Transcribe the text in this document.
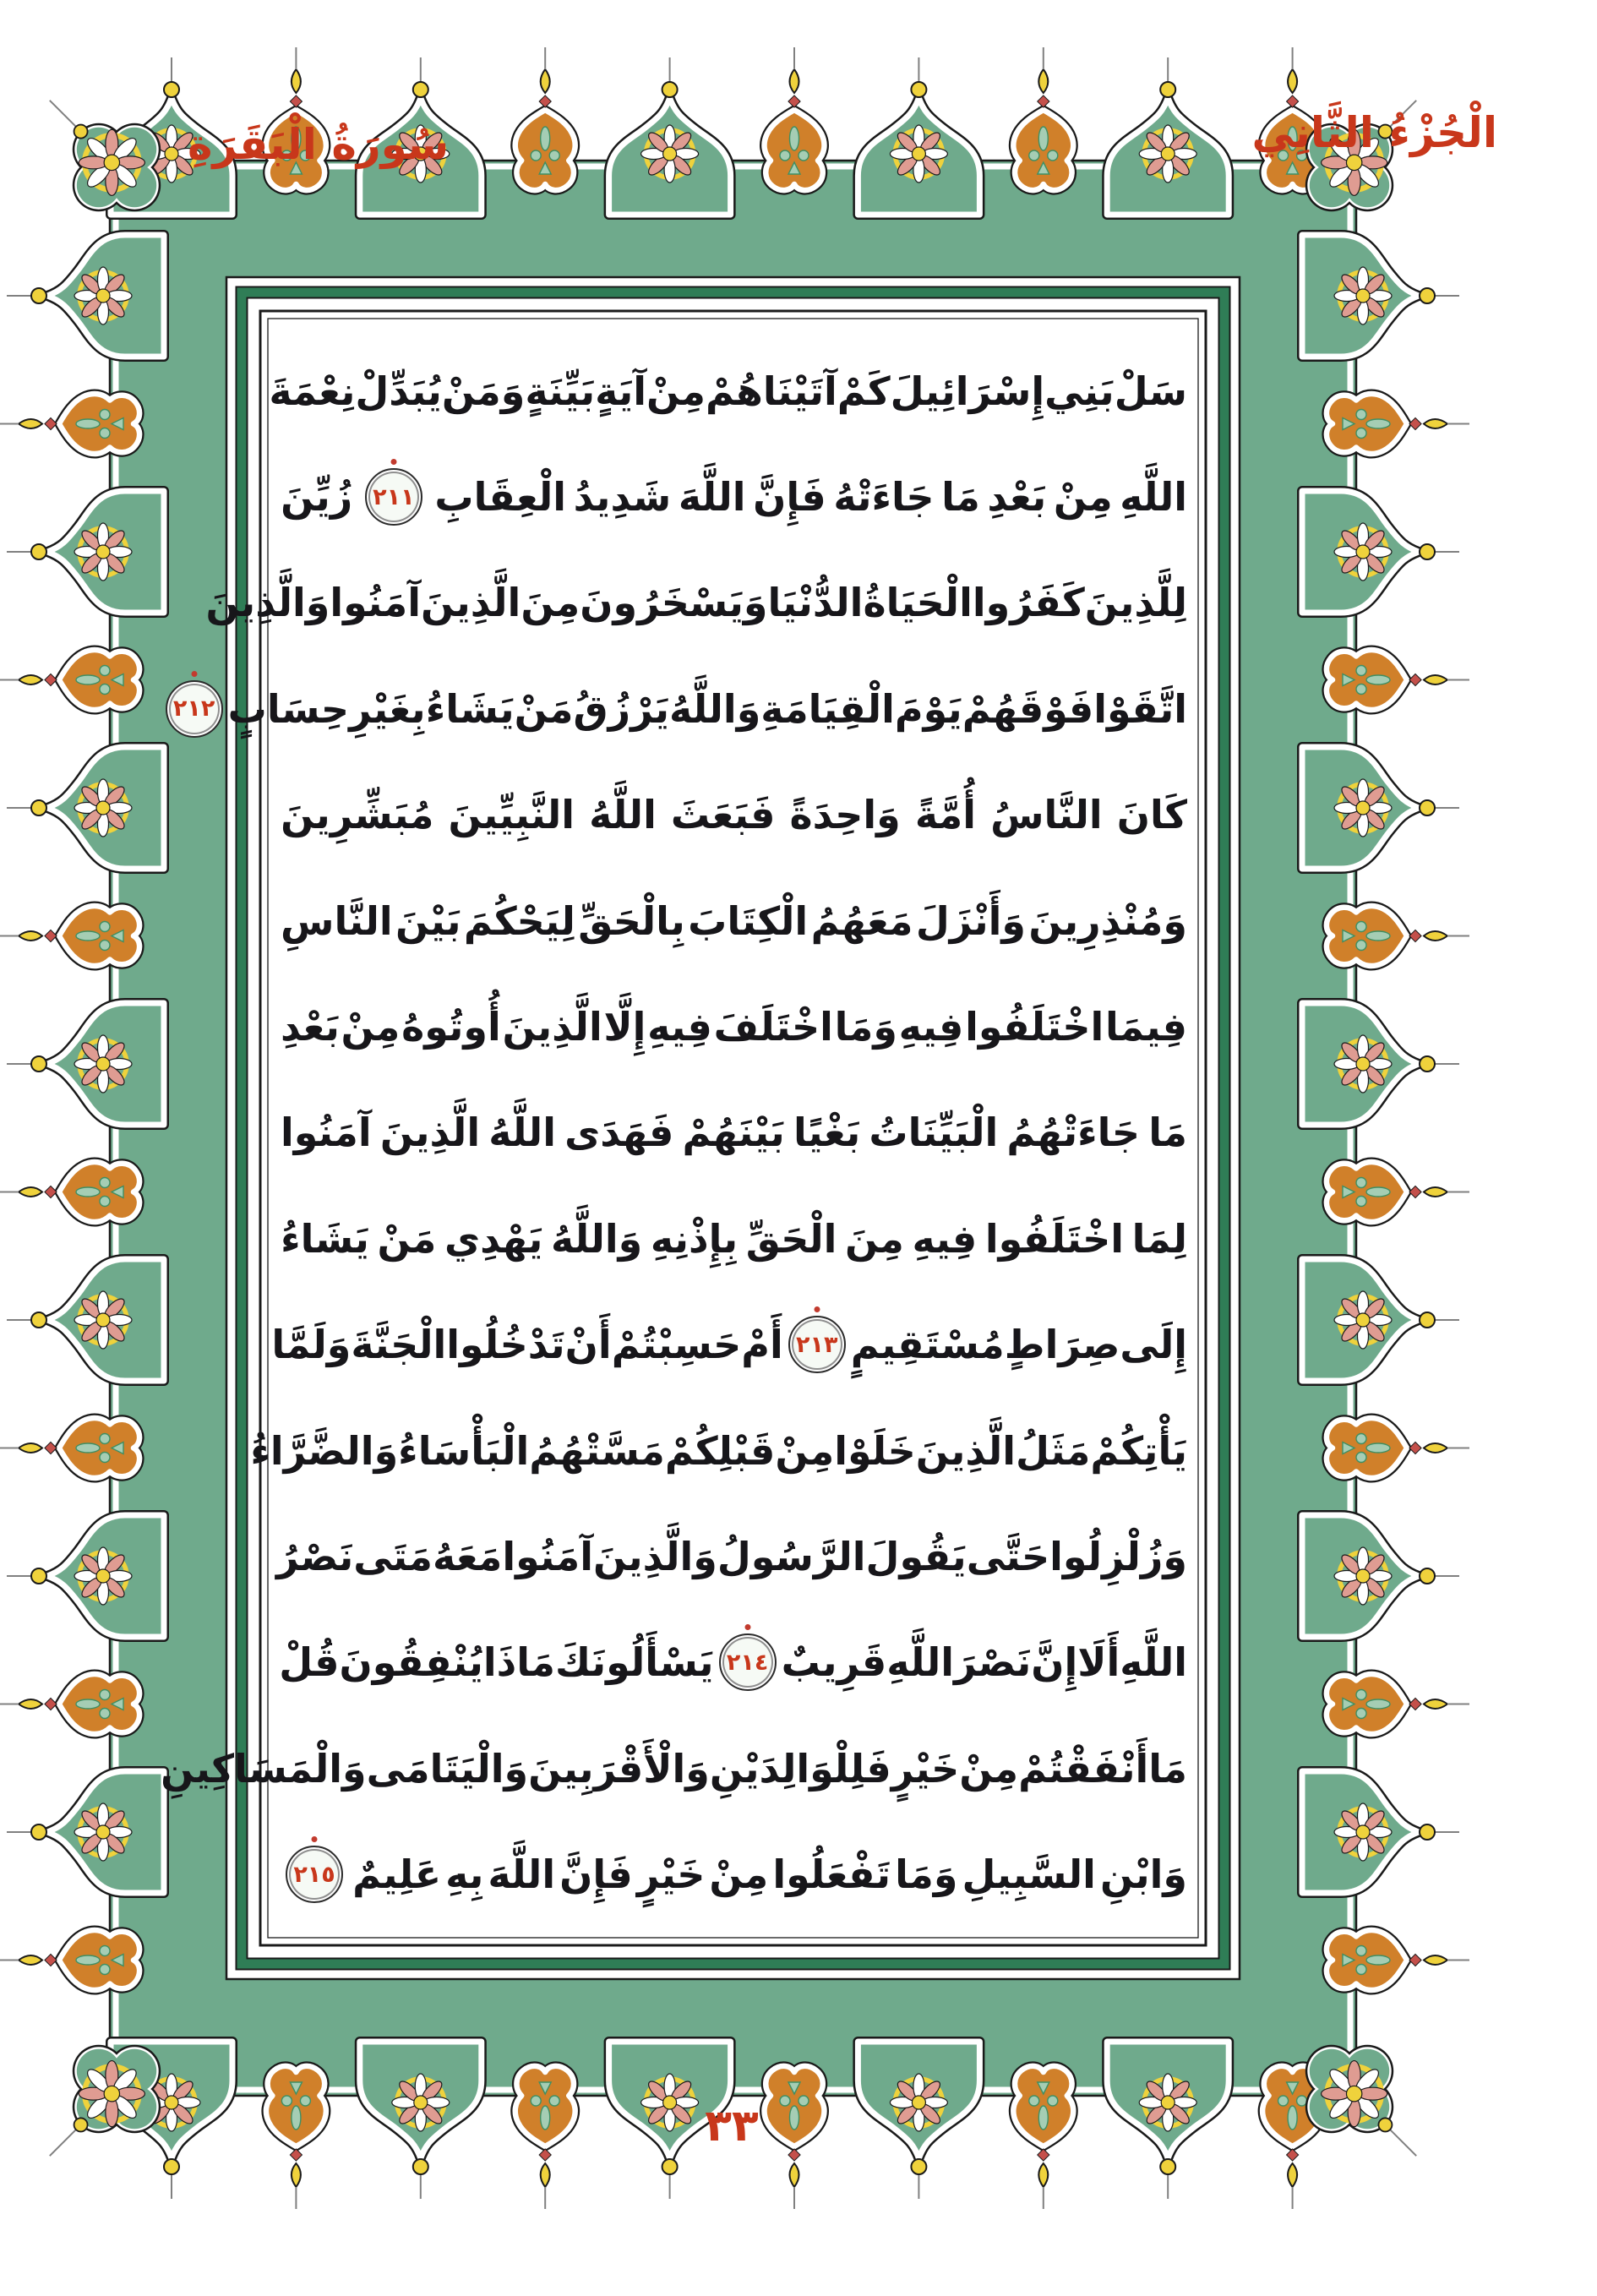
الْجُزْءُ الثَّانِي
سُورَةُ الْبَقَرَةِ
سَلْ
بَنِي
إِسْرَائِيلَ
كَمْ
آتَيْنَاهُمْ
مِنْ
آيَةٍ
بَيِّنَةٍ
وَمَنْ
يُبَدِّلْ
نِعْمَةَ
اللَّهِ
مِنْ
بَعْدِ
مَا
جَاءَتْهُ
فَإِنَّ
اللَّهَ
شَدِيدُ
الْعِقَابِ
٢١١
زُيِّنَ
لِلَّذِينَ
كَفَرُوا
الْحَيَاةُ
الدُّنْيَا
وَيَسْخَرُونَ
مِنَ
الَّذِينَ
آمَنُوا
وَالَّذِينَ
اتَّقَوْا
فَوْقَهُمْ
يَوْمَ
الْقِيَامَةِ
وَاللَّهُ
يَرْزُقُ
مَنْ
يَشَاءُ
بِغَيْرِ
حِسَابٍ
٢١٢
كَانَ
النَّاسُ
أُمَّةً
وَاحِدَةً
فَبَعَثَ
اللَّهُ
النَّبِيِّينَ
مُبَشِّرِينَ
وَمُنْذِرِينَ
وَأَنْزَلَ
مَعَهُمُ
الْكِتَابَ
بِالْحَقِّ
لِيَحْكُمَ
بَيْنَ
النَّاسِ
فِيمَا
اخْتَلَفُوا
فِيهِ
وَمَا
اخْتَلَفَ
فِيهِ
إِلَّا
الَّذِينَ
أُوتُوهُ
مِنْ
بَعْدِ
مَا
جَاءَتْهُمُ
الْبَيِّنَاتُ
بَغْيًا
بَيْنَهُمْ
فَهَدَى
اللَّهُ
الَّذِينَ
آمَنُوا
لِمَا
اخْتَلَفُوا
فِيهِ
مِنَ
الْحَقِّ
بِإِذْنِهِ
وَاللَّهُ
يَهْدِي
مَنْ
يَشَاءُ
إِلَى
صِرَاطٍ
مُسْتَقِيمٍ
٢١٣
أَمْ
حَسِبْتُمْ
أَنْ
تَدْخُلُوا
الْجَنَّةَ
وَلَمَّا
يَأْتِكُمْ
مَثَلُ
الَّذِينَ
خَلَوْا
مِنْ
قَبْلِكُمْ
مَسَّتْهُمُ
الْبَأْسَاءُ
وَالضَّرَّاءُ
وَزُلْزِلُوا
حَتَّى
يَقُولَ
الرَّسُولُ
وَالَّذِينَ
آمَنُوا
مَعَهُ
مَتَى
نَصْرُ
اللَّهِ
أَلَا
إِنَّ
نَصْرَ
اللَّهِ
قَرِيبٌ
٢١٤
يَسْأَلُونَكَ
مَاذَا
يُنْفِقُونَ
قُلْ
مَا
أَنْفَقْتُمْ
مِنْ
خَيْرٍ
فَلِلْوَالِدَيْنِ
وَالْأَقْرَبِينَ
وَالْيَتَامَى
وَالْمَسَاكِينِ
وَابْنِ
السَّبِيلِ
وَمَا
تَفْعَلُوا
مِنْ
خَيْرٍ
فَإِنَّ
اللَّهَ
بِهِ
عَلِيمٌ
٢١٥
٣٣
